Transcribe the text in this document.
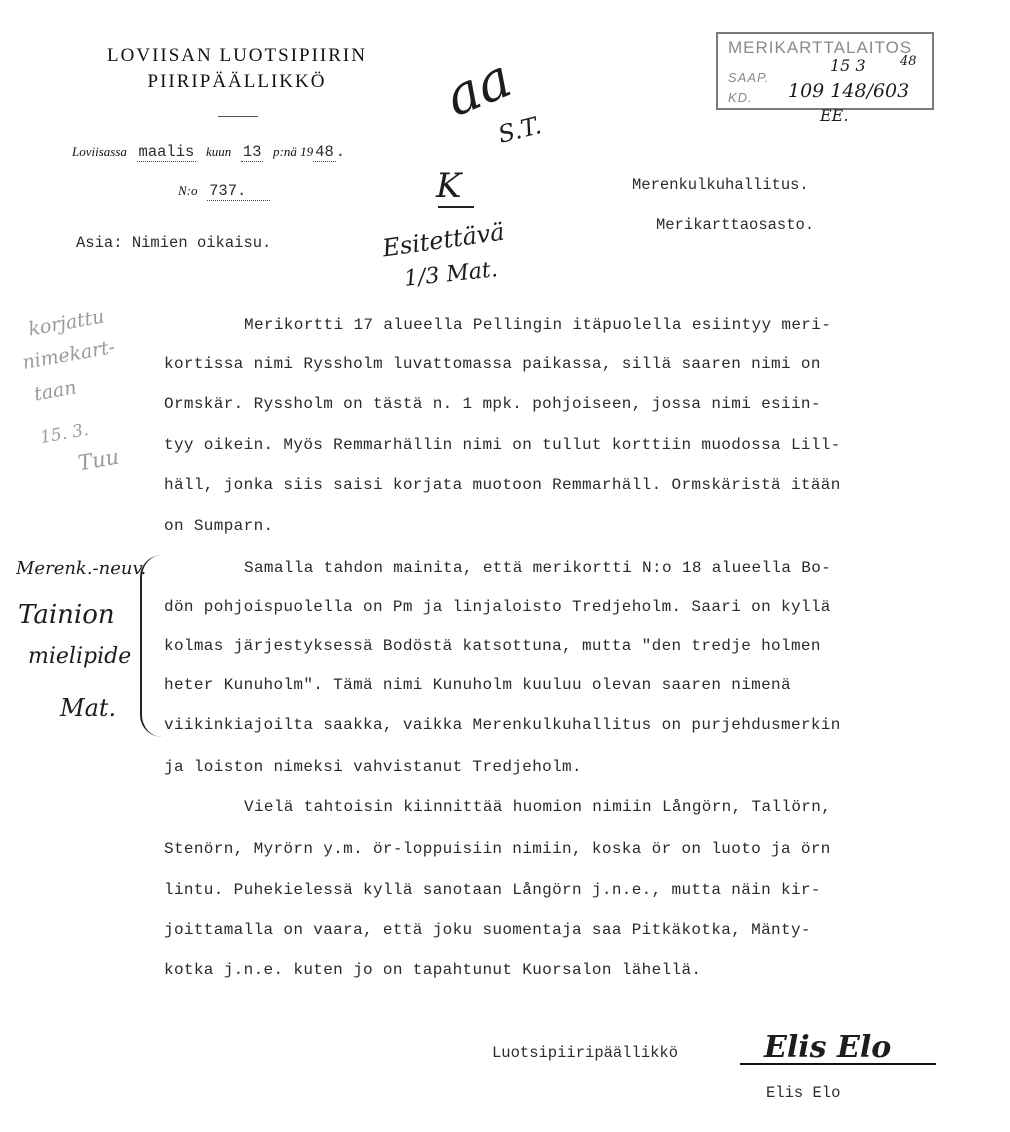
LOVIISAN LUOTSIPIIRIN
PIIRIPÄÄLLIKKÖ
Loviisassa maalis kuun 13 p:nä 19 48 .
N:o 737.	Merenkulkuhallitus.
Merikarttaosasto.
Asia: Nimien oikaisu.
MERIKARTTALAITOS
SAAP.
KD.
15 3	48
109 148/603
EE.
aa
S.T.
K
Esitettävä
1/3 Mat.
korjattu
nimekart-
taan
15. 3.
Tuu
Merenk.-neuv.
Tainion
mielipide
Mat.
Merikortti 17 alueella Pellingin itäpuolella esiintyy meri-
kortissa nimi Ryssholm luvattomassa paikassa, sillä saaren nimi on
Ormskär. Ryssholm on tästä n. 1 mpk. pohjoiseen, jossa nimi esiin-
tyy oikein. Myös Remmarhällin nimi on tullut korttiin muodossa Lill-
häll, jonka siis saisi korjata muotoon Remmarhäll. Ormskäristä itään
on Sumparn.
Samalla tahdon mainita, että merikortti N:o 18 alueella Bo-
dön pohjoispuolella on Pm ja linjaloisto Tredjeholm. Saari on kyllä
kolmas järjestyksessä Bodöstä katsottuna, mutta "den tredje holmen
heter Kunuholm". Tämä nimi Kunuholm kuuluu olevan saaren nimenä
viikinkiajoilta saakka, vaikka Merenkulkuhallitus on purjehdusmerkin
ja loiston nimeksi vahvistanut Tredjeholm.
Vielä tahtoisin kiinnittää huomion nimiin Långörn, Tallörn,
Stenörn, Myrörn y.m. ör-loppuisiin nimiin, koska ör on luoto ja örn
lintu. Puhekielessä kyllä sanotaan Långörn j.n.e., mutta näin kir-
joittamalla on vaara, että joku suomentaja saa Pitkäkotka, Mänty-
kotka j.n.e. kuten jo on tapahtunut Kuorsalon lähellä.
Luotsipiiripäällikkö	Elis Elo
Elis Elo
